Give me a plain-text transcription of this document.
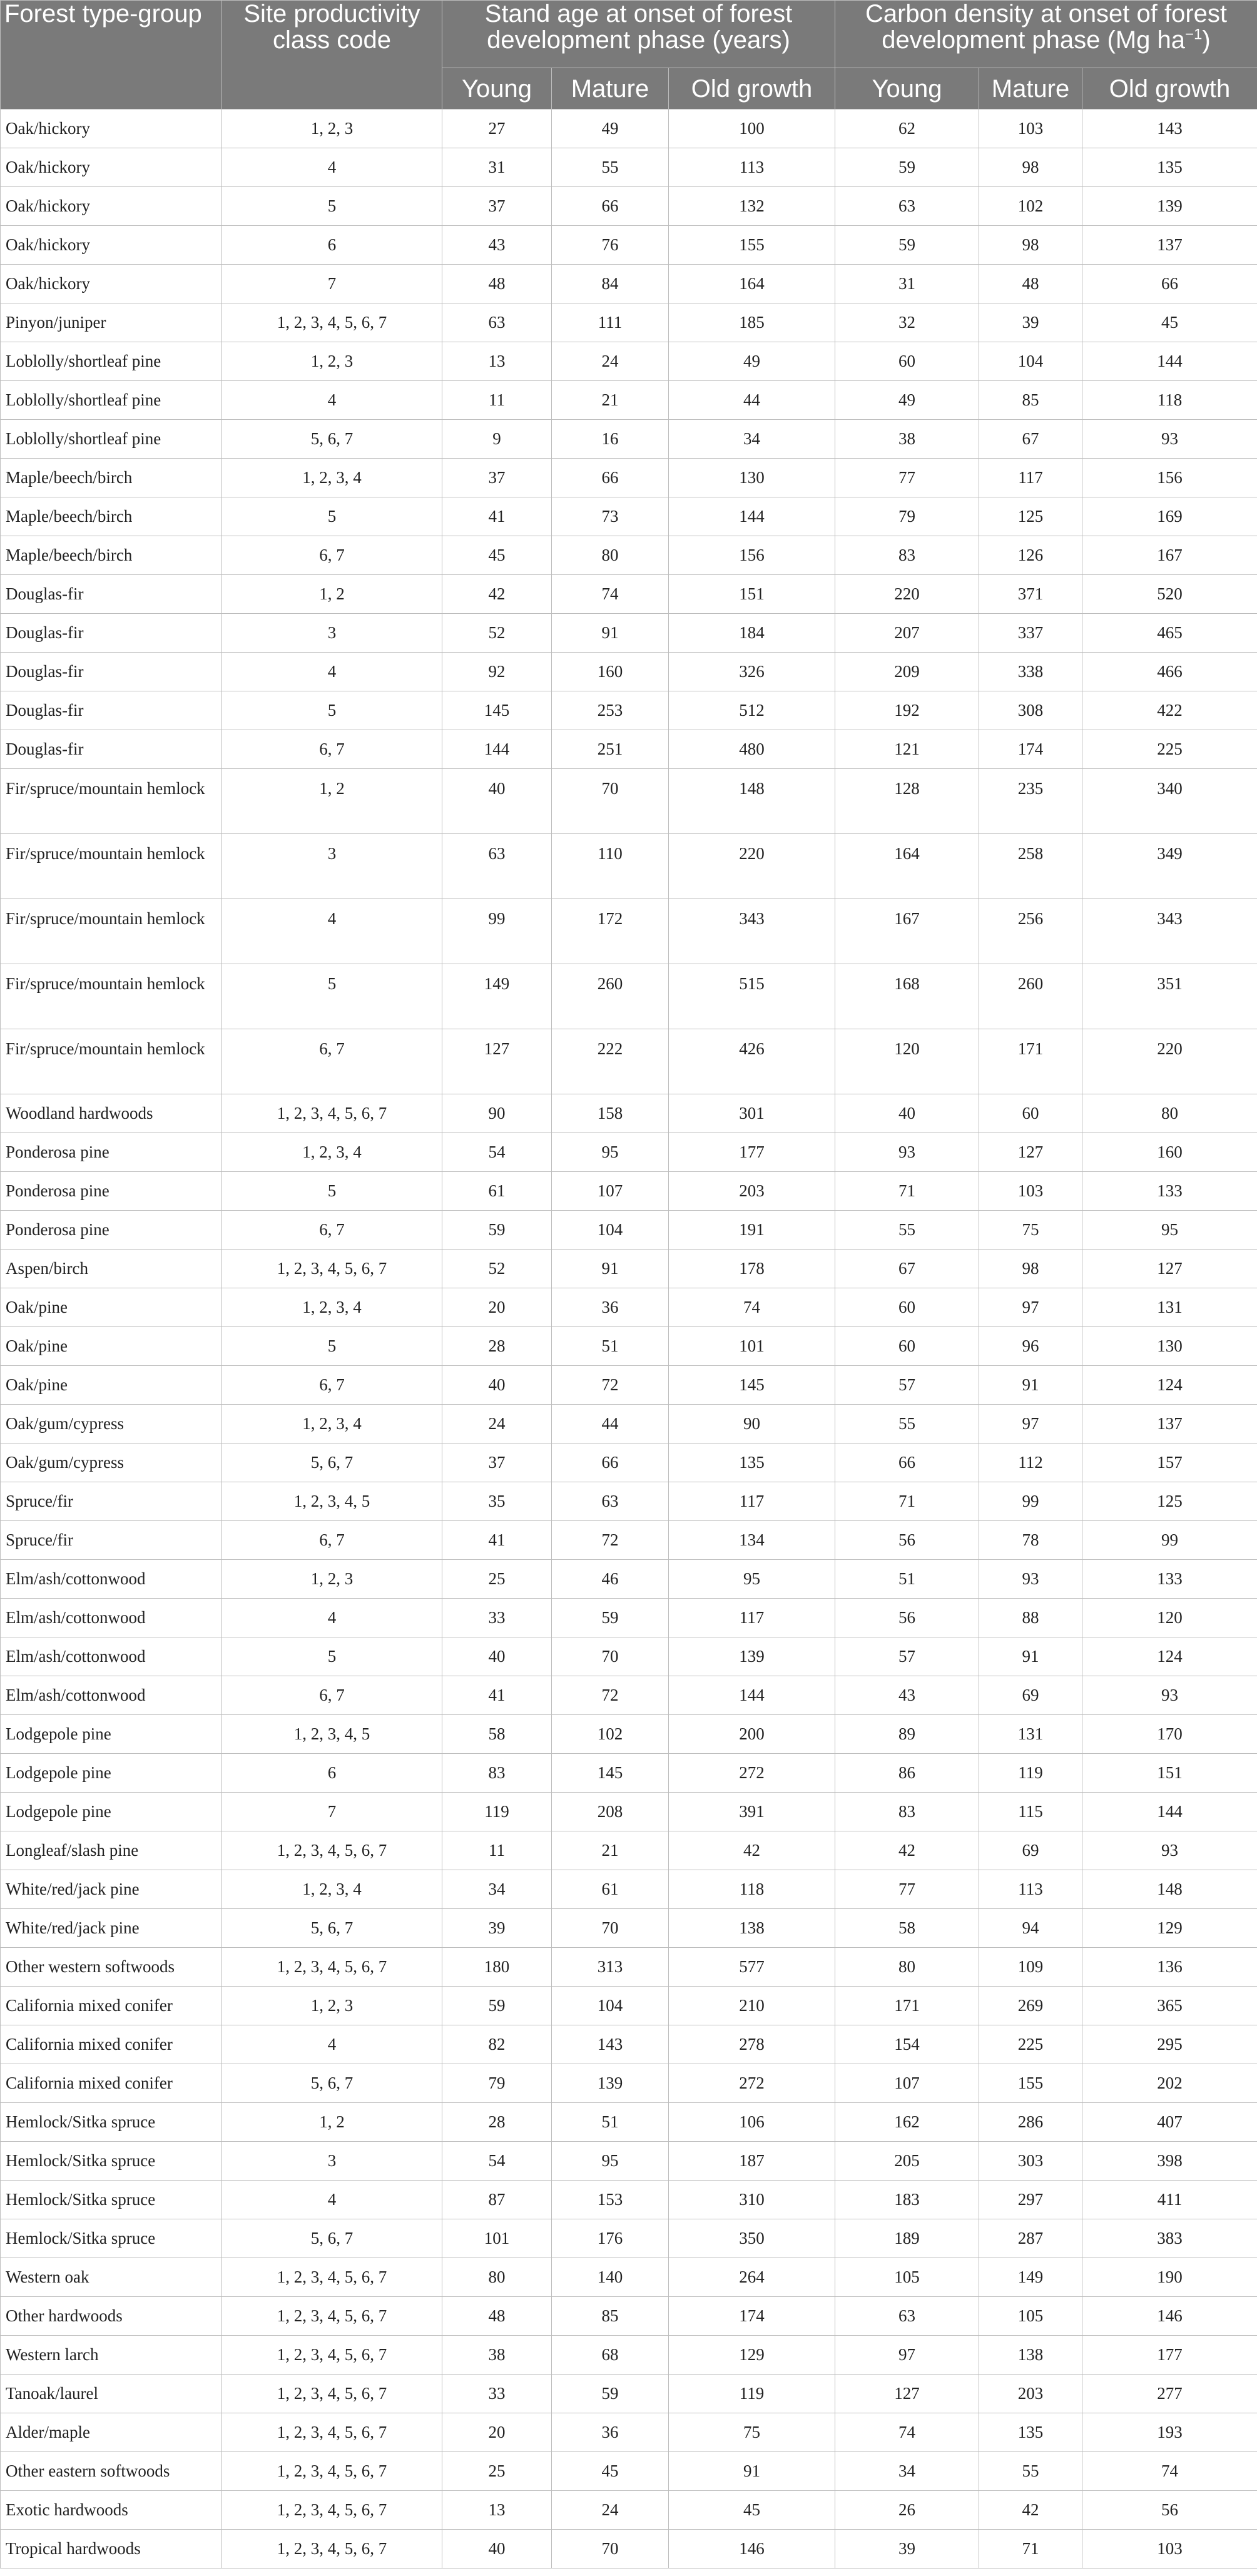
Forest type-group	Site productivity class code	Stand age at onset of forest development phase (years)			Carbon density at onset of forest development phase (Mg $ha^{-1}$)		
		Young	Mature	Old growth	Young	Mature	Old growth
Oak/hickory	1, 2, 3	27	49	100	62	103	143
Oak/hickory	4	31	55	113	59	98	135
Oak/hickory	5	37	66	132	63	102	139
Oak/hickory	6	43	76	155	59	98	137
Oak/hickory	7	48	84	164	31	48	66
Pinyon/juniper	1, 2, 3, 4, 5, 6, 7	63	111	185	32	39	45
Loblolly/shortleaf pine	1, 2, 3	13	24	49	60	104	144
Loblolly/shortleaf pine	4	11	21	44	49	85	118
Loblolly/shortleaf pine	5, 6, 7	9	16	34	38	67	93
Maple/beech/birch	1, 2, 3, 4	37	66	130	77	117	156
Maple/beech/birch	5	41	73	144	79	125	169
Maple/beech/birch	6, 7	45	80	156	83	126	167
Douglas-fir	1, 2	42	74	151	220	371	520
Douglas-fir	3	52	91	184	207	337	465
Douglas-fir	4	92	160	326	209	338	466
Douglas-fir	5	145	253	512	192	308	422
Douglas-fir	6, 7	144	251	480	121	174	225
Fir/spruce/mountain hemlock	1, 2	40	70	148	128	235	340
Fir/spruce/mountain hemlock	3	63	110	220	164	258	349
Fir/spruce/mountain hemlock	4	99	172	343	167	256	343
Fir/spruce/mountain hemlock	5	149	260	515	168	260	351
Fir/spruce/mountain hemlock	6, 7	127	222	426	120	171	220
Woodland hardwoods	1, 2, 3, 4, 5, 6, 7	90	158	301	40	60	80
Ponderosa pine	1, 2, 3, 4	54	95	177	93	127	160
Ponderosa pine	5	61	107	203	71	103	133
Ponderosa pine	6, 7	59	104	191	55	75	95
Aspen/birch	1, 2, 3, 4, 5, 6, 7	52	91	178	67	98	127
Oak/pine	1, 2, 3, 4	20	36	74	60	97	131
Oak/pine	5	28	51	101	60	96	130
Oak/pine	6, 7	40	72	145	57	91	124
Oak/gum/cypress	1, 2, 3, 4	24	44	90	55	97	137
Oak/gum/cypress	5, 6, 7	37	66	135	66	112	157
Spruce/fir	1, 2, 3, 4, 5	35	63	117	71	99	125
Spruce/fir	6, 7	41	72	134	56	78	99
Elm/ash/cottonwood	1, 2, 3	25	46	95	51	93	133
Elm/ash/cottonwood	4	33	59	117	56	88	120
Elm/ash/cottonwood	5	40	70	139	57	91	124
Elm/ash/cottonwood	6, 7	41	72	144	43	69	93
Lodgepole pine	1, 2, 3, 4, 5	58	102	200	89	131	170
Lodgepole pine	6	83	145	272	86	119	151
Lodgepole pine	7	119	208	391	83	115	144
Longleaf/slash pine	1, 2, 3, 4, 5, 6, 7	11	21	42	42	69	93
White/red/jack pine	1, 2, 3, 4	34	61	118	77	113	148
White/red/jack pine	5, 6, 7	39	70	138	58	94	129
Other western softwoods	1, 2, 3, 4, 5, 6, 7	180	313	577	80	109	136
California mixed conifer	1, 2, 3	59	104	210	171	269	365
California mixed conifer	4	82	143	278	154	225	295
California mixed conifer	5, 6, 7	79	139	272	107	155	202
Hemlock/Sitka spruce	1, 2	28	51	106	162	286	407
Hemlock/Sitka spruce	3	54	95	187	205	303	398
Hemlock/Sitka spruce	4	87	153	310	183	297	411
Hemlock/Sitka spruce	5, 6, 7	101	176	350	189	287	383
Western oak	1, 2, 3, 4, 5, 6, 7	80	140	264	105	149	190
Other hardwoods	1, 2, 3, 4, 5, 6, 7	48	85	174	63	105	146
Western larch	1, 2, 3, 4, 5, 6, 7	38	68	129	97	138	177
Tanoak/laurel	1, 2, 3, 4, 5, 6, 7	33	59	119	127	203	277
Alder/maple	1, 2, 3, 4, 5, 6, 7	20	36	75	74	135	193
Other eastern softwoods	1, 2, 3, 4, 5, 6, 7	25	45	91	34	55	74
Exotic hardwoods	1, 2, 3, 4, 5, 6, 7	13	24	45	26	42	56
Tropical hardwoods	1, 2, 3, 4, 5, 6, 7	40	70	146	39	71	103
